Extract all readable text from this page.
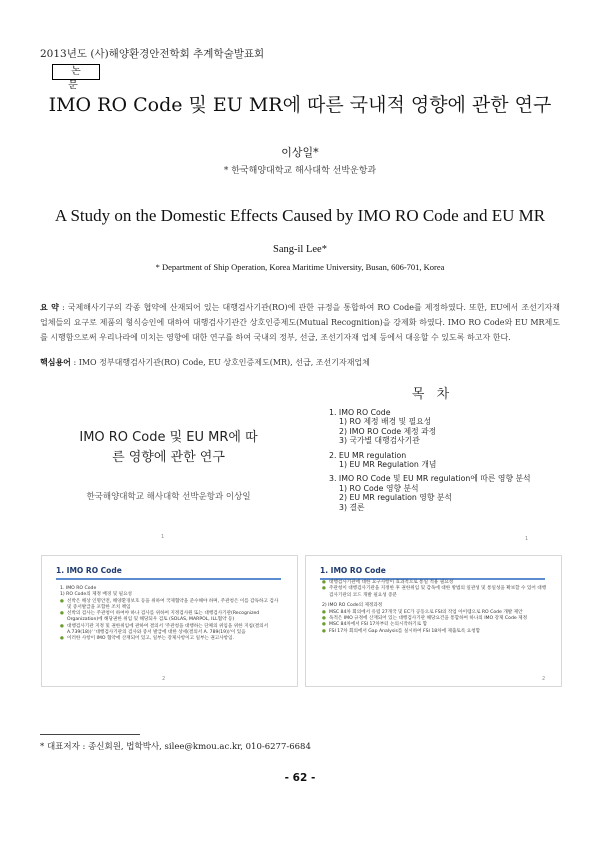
2013년도 (사)해양환경안전학회 추계학술발표회
논 문
IMO RO Code 및 EU MR에 따른 국내적 영향에 관한 연구
이상일*
* 한국해양대학교 해사대학 선박운항과
A Study on the Domestic Effects Caused by IMO RO Code and EU MR
Sang-il Lee*
* Department of Ship Operation, Korea Maritime University, Busan, 606-701, Korea
요 약 : 국제해사기구의 각종 협약에 산재되어 있는 대행검사기관(RO)에 관한 규정을 통합하여 RO Code를 제정하였다. 또한, EU에서 조선기자재 업체들의 요구로 제품의 형식승인에 대하여 대행검사기관간 상호인증제도(Mutual Recognition)을 강제화 하였다. IMO RO Code와 EU MR제도를 시행함으로써 우리나라에 미치는 영향에 대한 연구를 하여 국내의 정부, 선급, 조선기자재 업체 등에서 대응할 수 있도록 하고자 한다.
핵심용어 : IMO 정부대행검사기관(RO) Code, EU 상호인증제도(MR), 선급, 조선기자재업체
IMO RO Code 및 EU MR에 따
른 영향에 관한 연구
한국해양대학교 해사대학 선박운항과 이상일
1
목 차
1. IMO RO Code
1) RO 제정 배경 및 필요성
2) IMO RO Code 제정 과정
3) 국가별 대행검사기관
2. EU MR regulation
1) EU MR Regulation 개념
3. IMO RO Code 및 EU MR regulation에 따른 영향 분석
1) RO Code 영향 분석
2) EU MR regulation 영향 분석
3) 결론
1
1. IMO RO Code
1. IMO RO Code
1) RO Code의 제정 배경 및 필요성
● 선박은 해상 인명안전, 해양환경보호 등을 위하여 국제협약을 준수해야 하며, 주관청은 이를 감독하고 검사 및 증서발급을 포함한 조치 책임
● 선박의 검사는 주관청이 하여야 하나 검사를 위하여 지정검사원 또는 대행검사기관(Recognized Organization)에 해당권한 위임 및 해당되우 검토 (SOLAS, MARPOL, ILL협약 등)
● 대행검사기관 지정 및 권한위임에 관하여 결의서 '주관청을 대행하는 단체의 위임을 위한 지침(결의서 A.739(18))' '대행검사기관의 검사와 증서 발급에 대한 상세(결의서 A. 789(19))'이 있음
● 이러한 사항이 IMO 협약에 산재되어 있고, 일부는 강제사항이고 일부는 권고사항임.
2
1. IMO RO Code
● 대행검사기관에 대한 요구사항이 효과적으로 통일 적용 필요성
● 주관청이 대행검사기관을 지정한 후 권한위임 및 감독에 대한 방법의 일관성 및 통일성을 확보할 수 있어 대행검사기관의 코드 개발 필요성 증분
2) IMO RO Code의 제정과정
● MSC 84차 회의에서 유럽 27개국 및 EC가 공동으로 FSI의 작업 아이템으로 RO Code 개발 제안
● 독적은 IMO 규정에 산재되어 있는 대행검사기관 해당요건을 통합하여 하나의 IMO 강제 Code 제정
● MSC 84차에서 FSI 17차부터 논의시작하기로 함
● FSI 17차 회의에서 Gap Analysis를 실시하여 FSI 18차에 제출토록 요청함
2
* 대표저자 : 종신회원, 법학박사, silee@kmou.ac.kr, 010-6277-6684
- 62 -
